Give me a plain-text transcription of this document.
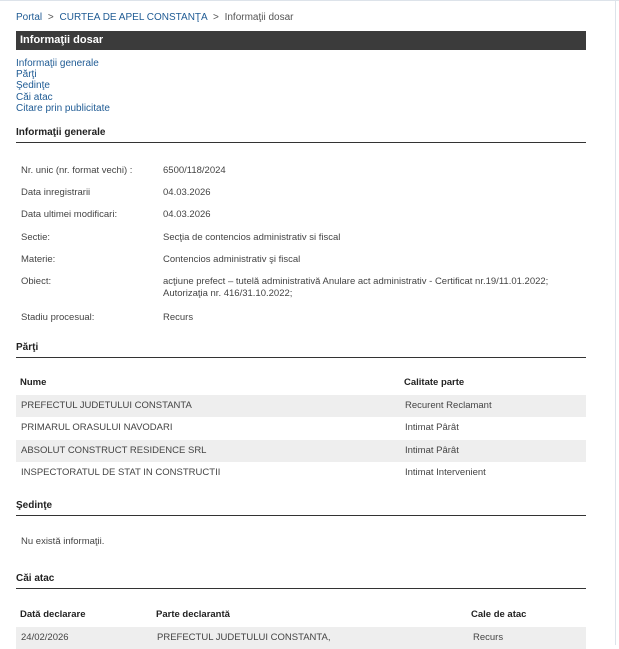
Portal > CURTEA DE APEL CONSTANŢA > Informaţii dosar
Informaţii dosar
Informaţii generale
Părţi
Şedinţe
Căi atac
Citare prin publicitate
Informaţii generale
Nr. unic (nr. format vechi) :	6500/118/2024
Data inregistrarii	04.03.2026
Data ultimei modificari:	04.03.2026
Sectie:	Secţia de contencios administrativ si fiscal
Materie:	Contencios administrativ şi fiscal
Obiect:	acţiune prefect – tutelă administrativă Anulare act administrativ - Certificat nr.19/11.01.2022; Autorizaţia nr. 416/31.10.2022;
Stadiu procesual:	Recurs
Părţi
Nume	Calitate parte
PREFECTUL JUDETULUI CONSTANTA	Recurent Reclamant
PRIMARUL ORASULUI NAVODARI	Intimat Pârât
ABSOLUT CONSTRUCT RESIDENCE SRL	Intimat Pârât
INSPECTORATUL DE STAT IN CONSTRUCTII	Intimat Intervenient
Şedinţe
Nu există informaţii.
Căi atac
Dată declarare	Parte declarantă	Cale de atac
24/02/2026	PREFECTUL JUDETULUI CONSTANTA,	Recurs
